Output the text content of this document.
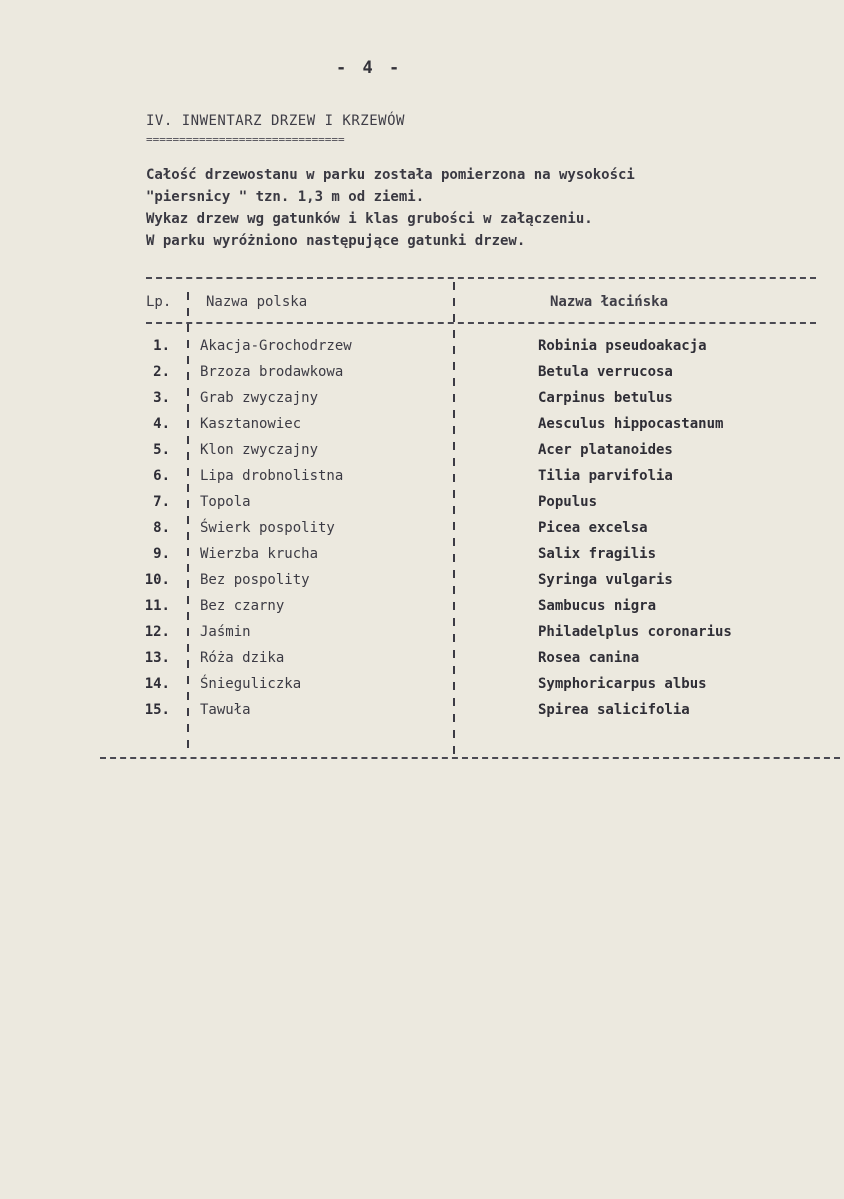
- 4 -
IV. INWENTARZ DRZEW I KRZEWÓW
==============================
Całość drzewostanu w parku została pomierzona na wysokości
"piersnicy " tzn. 1,3 m od ziemi.
Wykaz drzew wg gatunków i klas grubości w załączeniu.
W parku wyróżniono następujące gatunki drzew.
Lp. Nazwa polska	Nazwa łacińska
1. Akacja-Grochodrzew	Robinia pseudoakacja
2. Brzoza brodawkowa	Betula verrucosa
3. Grab zwyczajny	Carpinus betulus
4. Kasztanowiec	Aesculus hippocastanum
5. Klon zwyczajny	Acer platanoides
6. Lipa drobnolistna	Tilia parvifolia
7. Topola	Populus
8. Świerk pospolity	Picea excelsa
9. Wierzba krucha	Salix fragilis
10. Bez pospolity	Syringa vulgaris
11. Bez czarny	Sambucus nigra
12. Jaśmin	Philadelplus coronarius
13. Róża dzika	Rosea canina
14. Śnieguliczka	Symphoricarpus albus
15. Tawuła	Spirea salicifolia
